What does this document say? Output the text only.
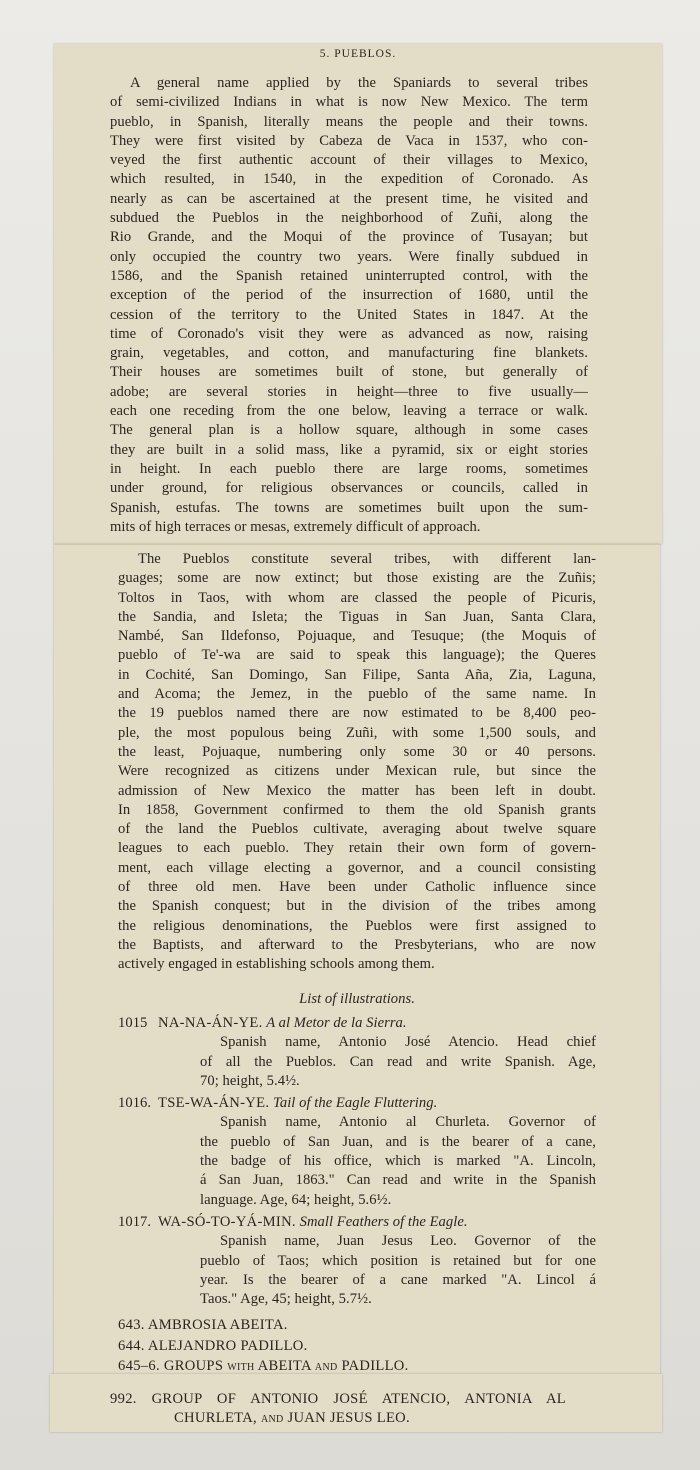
5. PUEBLOS.
A general name applied by the Spaniards to several tribes
of semi-civilized Indians in what is now New Mexico. The term
pueblo, in Spanish, literally means the people and their towns.
They were first visited by Cabeza de Vaca in 1537, who con-
veyed the first authentic account of their villages to Mexico,
which resulted, in 1540, in the expedition of Coronado. As
nearly as can be ascertained at the present time, he visited and
subdued the Pueblos in the neighborhood of Zuñi, along the
Rio Grande, and the Moqui of the province of Tusayan; but
only occupied the country two years. Were finally subdued in
1586, and the Spanish retained uninterrupted control, with the
exception of the period of the insurrection of 1680, until the
cession of the territory to the United States in 1847. At the
time of Coronado's visit they were as advanced as now, raising
grain, vegetables, and cotton, and manufacturing fine blankets.
Their houses are sometimes built of stone, but generally of
adobe; are several stories in height—three to five usually—
each one receding from the one below, leaving a terrace or walk.
The general plan is a hollow square, although in some cases
they are built in a solid mass, like a pyramid, six or eight stories
in height. In each pueblo there are large rooms, sometimes
under ground, for religious observances or councils, called in
Spanish, estufas. The towns are sometimes built upon the sum-
mits of high terraces or mesas, extremely difficult of approach.
The Pueblos constitute several tribes, with different lan-
guages; some are now extinct; but those existing are the Zuñis;
Toltos in Taos, with whom are classed the people of Picuris,
the Sandia, and Isleta; the Tiguas in San Juan, Santa Clara,
Nambé, San Ildefonso, Pojuaque, and Tesuque; (the Moquis of
pueblo of Te'-wa are said to speak this language); the Queres
in Cochité, San Domingo, San Filipe, Santa Aña, Zia, Laguna,
and Acoma; the Jemez, in the pueblo of the same name. In
the 19 pueblos named there are now estimated to be 8,400 peo-
ple, the most populous being Zuñi, with some 1,500 souls, and
the least, Pojuaque, numbering only some 30 or 40 persons.
Were recognized as citizens under Mexican rule, but since the
admission of New Mexico the matter has been left in doubt.
In 1858, Government confirmed to them the old Spanish grants
of the land the Pueblos cultivate, averaging about twelve square
leagues to each pueblo. They retain their own form of govern-
ment, each village electing a governor, and a council consisting
of three old men. Have been under Catholic influence since
the Spanish conquest; but in the division of the tribes among
the religious denominations, the Pueblos were first assigned to
the Baptists, and afterward to the Presbyterians, who are now
actively engaged in establishing schools among them.
List of illustrations.
1015 NA-NA-ÁN-YE. A al Metor de la Sierra.
Spanish name, Antonio José Atencio. Head chief
of all the Pueblos. Can read and write Spanish. Age,
70; height, 5.4½.
1016. TSE-WA-ÁN-YE. Tail of the Eagle Fluttering.
Spanish name, Antonio al Churleta. Governor of
the pueblo of San Juan, and is the bearer of a cane,
the badge of his office, which is marked "A. Lincoln,
á San Juan, 1863." Can read and write in the Spanish
language. Age, 64; height, 5.6½.
1017. WA-SÓ-TO-YÁ-MIN. Small Feathers of the Eagle.
Spanish name, Juan Jesus Leo. Governor of the
pueblo of Taos; which position is retained but for one
year. Is the bearer of a cane marked "A. Lincol á
Taos." Age, 45; height, 5.7½.
643. AMBROSIA ABEITA.
644. ALEJANDRO PADILLO.
645–6. GROUPS with ABEITA and PADILLO.
992. GROUP OF ANTONIO JOSÉ ATENCIO, ANTONIA AL
CHURLETA, and JUAN JESUS LEO.
